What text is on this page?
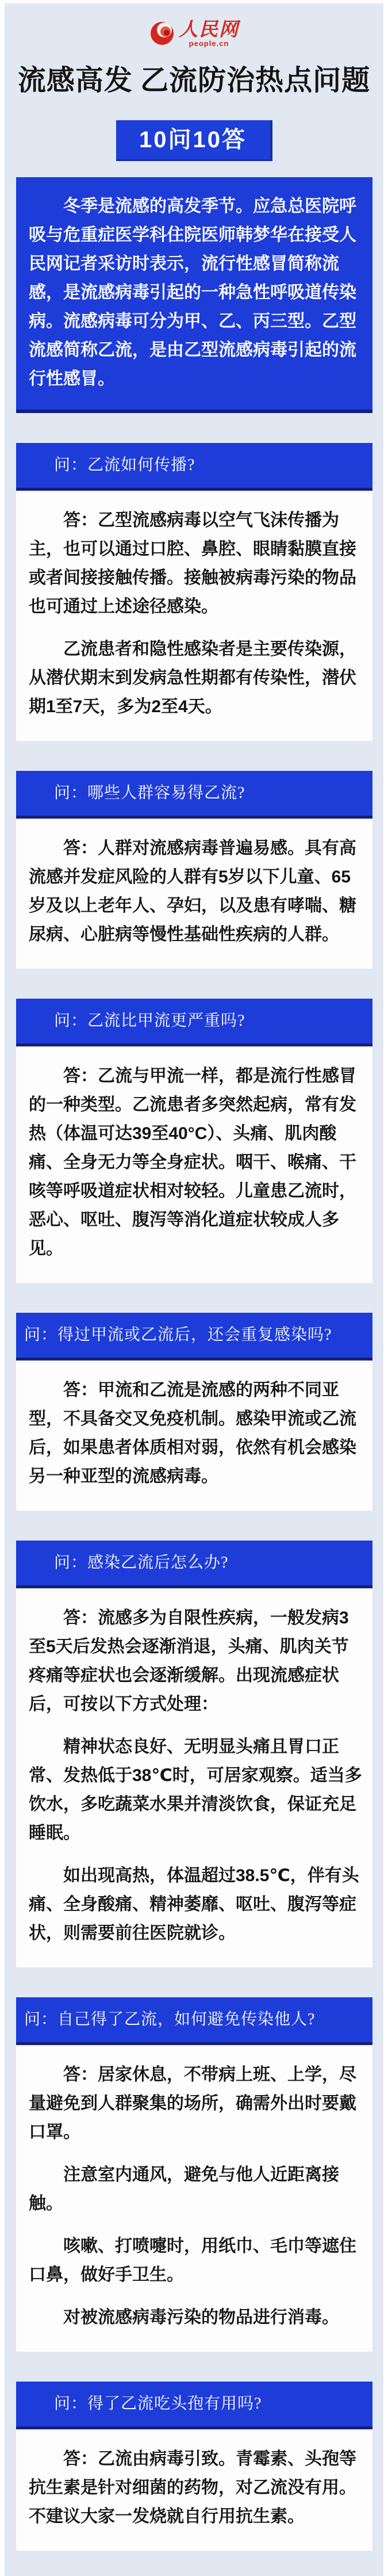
人民网
people.cn
流感高发 乙流防治热点问题
10问10答

冬季是流感的高发季节。应急总医院呼吸与危重症医学科住院医师韩梦华在接受人民网记者采访时表示，流行性感冒简称流感，是流感病毒引起的一种急性呼吸道传染病。流感病毒可分为甲、乙、丙三型。乙型流感简称乙流，是由乙型流感病毒引起的流行性感冒。

问：乙流如何传播?

答：乙型流感病毒以空气飞沫传播为主，也可以通过口腔、鼻腔、眼睛黏膜直接或者间接接触传播。接触被病毒污染的物品也可通过上述途径感染。

乙流患者和隐性感染者是主要传染源，从潜伏期末到发病急性期都有传染性，潜伏期1至7天，多为2至4天。

问：哪些人群容易得乙流?

答：人群对流感病毒普遍易感。具有高流感并发症风险的人群有5岁以下儿童、65岁及以上老年人、孕妇，以及患有哮喘、糖尿病、心脏病等慢性基础性疾病的人群。

问：乙流比甲流更严重吗?

答：乙流与甲流一样，都是流行性感冒的一种类型。乙流患者多突然起病，常有发热（体温可达39至40°C）、头痛、肌肉酸痛、全身无力等全身症状。咽干、喉痛、干咳等呼吸道症状相对较轻。儿童患乙流时，恶心、呕吐、腹泻等消化道症状较成人多见。

问：得过甲流或乙流后，还会重复感染吗?

答：甲流和乙流是流感的两种不同亚型，不具备交叉免疫机制。感染甲流或乙流后，如果患者体质相对弱，依然有机会感染另一种亚型的流感病毒。

问：感染乙流后怎么办?

答：流感多为自限性疾病，一般发病3至5天后发热会逐渐消退，头痛、肌肉关节疼痛等症状也会逐渐缓解。出现流感症状后，可按以下方式处理：

精神状态良好、无明显头痛且胃口正常、发热低于38℃时，可居家观察。适当多饮水，多吃蔬菜水果并清淡饮食，保证充足睡眠。

如出现高热，体温超过38.5℃，伴有头痛、全身酸痛、精神萎靡、呕吐、腹泻等症状，则需要前往医院就诊。

问：自己得了乙流，如何避免传染他人?

答：居家休息，不带病上班、上学，尽量避免到人群聚集的场所，确需外出时要戴口罩。

注意室内通风，避免与他人近距离接触。

咳嗽、打喷嚏时，用纸巾、毛巾等遮住口鼻，做好手卫生。

对被流感病毒污染的物品进行消毒。

问：得了乙流吃头孢有用吗?

答：乙流由病毒引致。青霉素、头孢等抗生素是针对细菌的药物，对乙流没有用。不建议大家一发烧就自行用抗生素。
